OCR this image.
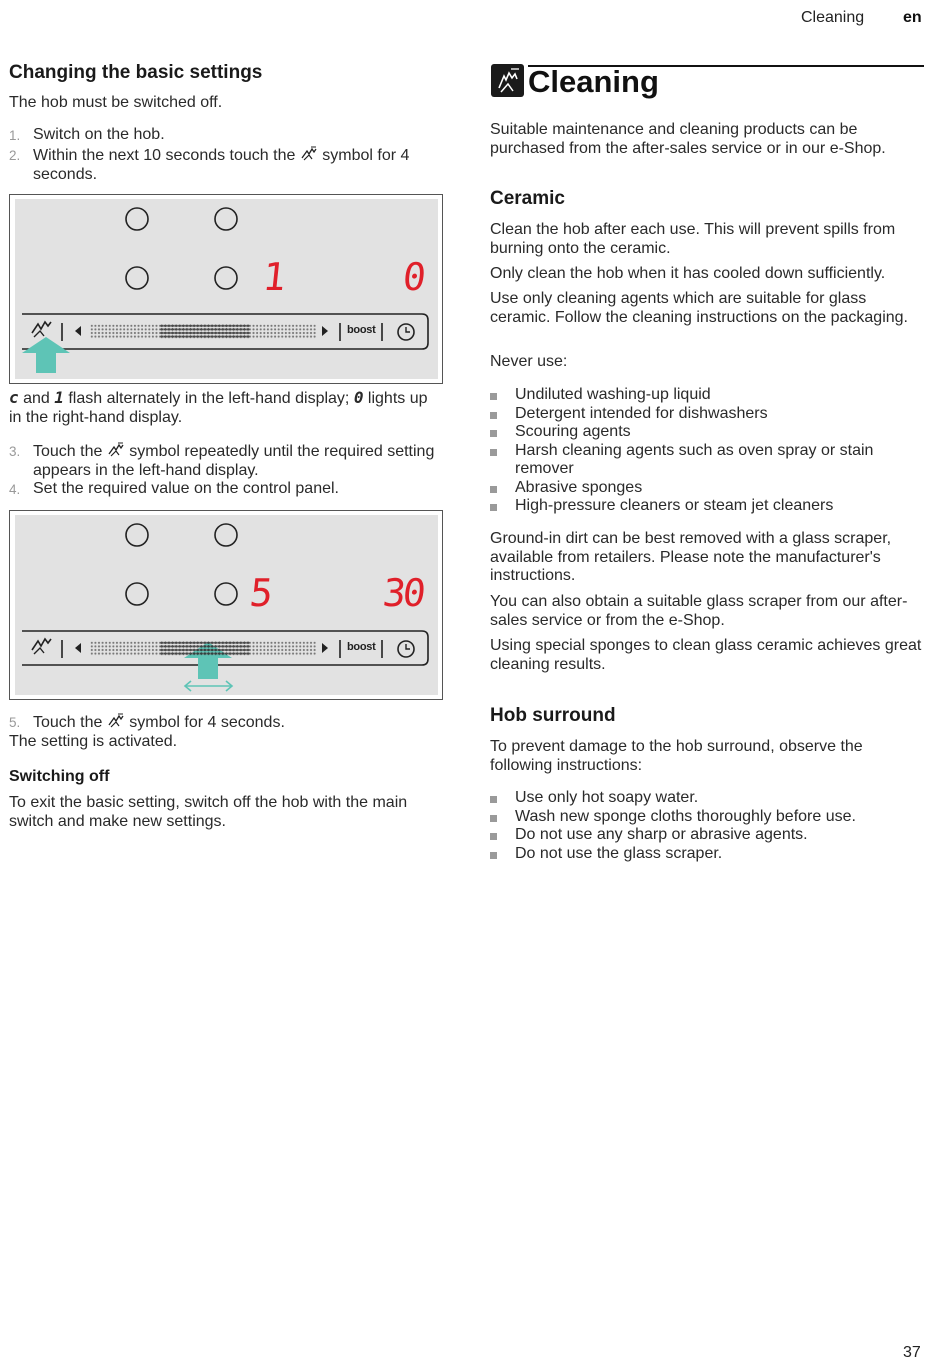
Cleaning en
Changing the basic settings

The hob must be switched off.

1. Switch on the hob.
2. Within the next 10 seconds touch the  symbol for 4 seconds.
boost
1	0

c and 1 flash alternately in the left-hand display; 0 lights up in the right-hand display.

3. Touch the  symbol repeatedly until the required setting appears in the left-hand display.
4. Set the required value on the control panel.
boost
5	30
5. Touch the  symbol for 4 seconds.

The setting is activated.

Switching off

To exit the basic setting, switch off the hob with the main switch and make new settings.

Cleaning

Suitable maintenance and cleaning products can be purchased from the after-sales service or in our e-Shop.

Ceramic

Clean the hob after each use. This will prevent spills from burning onto the ceramic.

Only clean the hob when it has cooled down sufficiently.

Use only cleaning agents which are suitable for glass ceramic. Follow the cleaning instructions on the packaging.

Never use:

Undiluted washing-up liquid
Detergent intended for dishwashers
Scouring agents
Harsh cleaning agents such as oven spray or stain remover
Abrasive sponges
High-pressure cleaners or steam jet cleaners

Ground-in dirt can be best removed with a glass scraper, available from retailers. Please note the manufacturer's instructions.

You can also obtain a suitable glass scraper from our after-sales service or from the e-Shop.

Using special sponges to clean glass ceramic achieves great cleaning results.

Hob surround

To prevent damage to the hob surround, observe the following instructions:

Use only hot soapy water.
Wash new sponge cloths thoroughly before use.
Do not use any sharp or abrasive agents.
Do not use the glass scraper.
37
